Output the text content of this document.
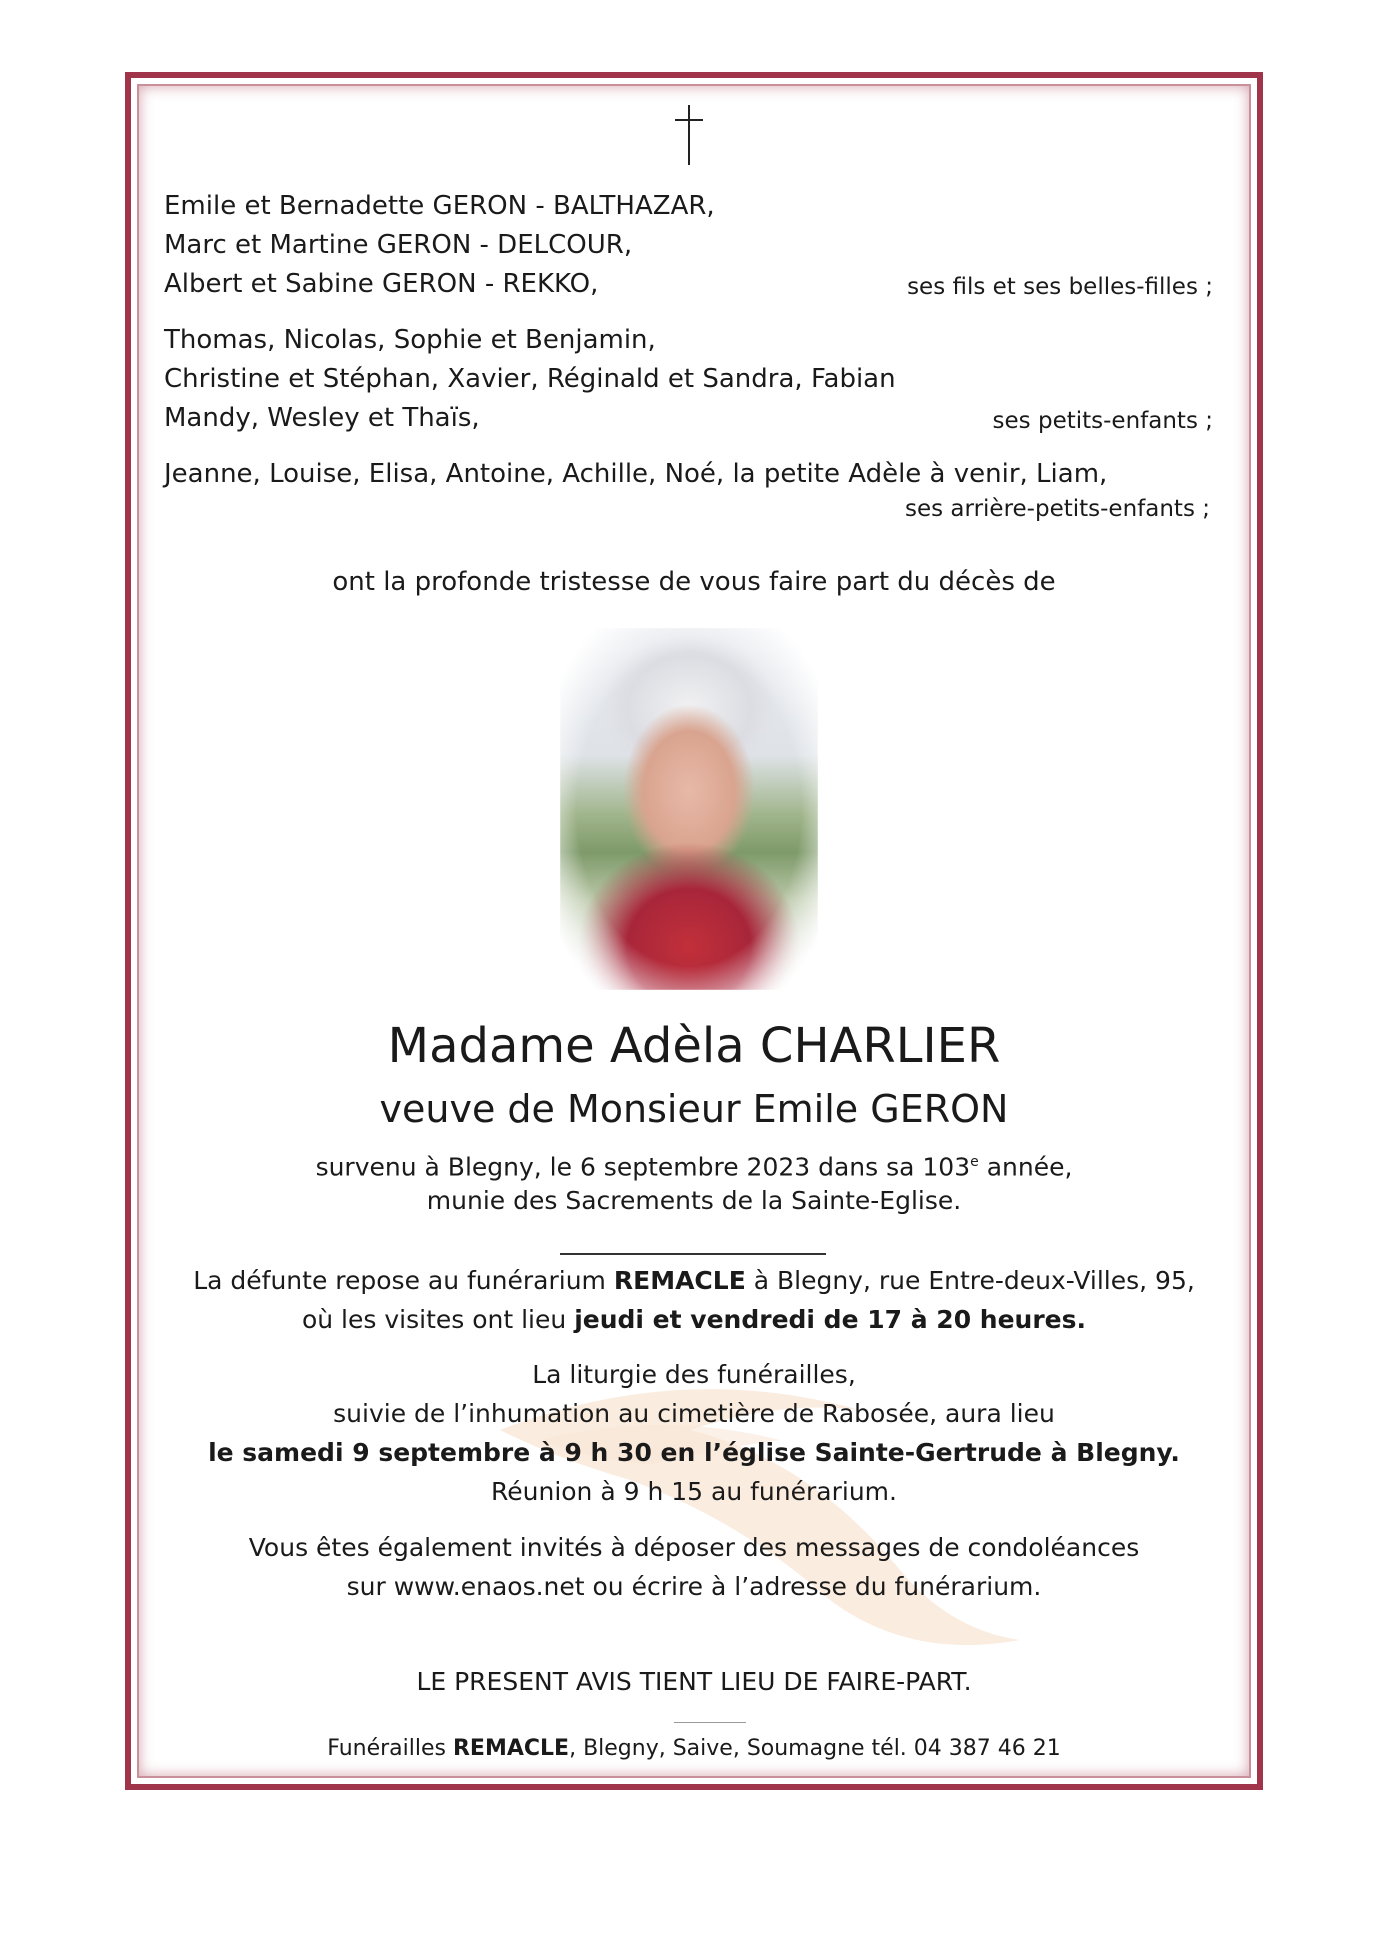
Emile et Bernadette GERON - BALTHAZAR,
Marc et Martine GERON - DELCOUR,
Albert et Sabine GERON - REKKO,	ses fils et ses belles-filles ;
Thomas, Nicolas, Sophie et Benjamin,
Christine et Stéphan, Xavier, Réginald et Sandra, Fabian
Mandy, Wesley et Thaïs,	ses petits-enfants ;
Jeanne, Louise, Elisa, Antoine, Achille, Noé, la petite Adèle à venir, Liam,
ses arrière-petits-enfants ;
ont la profonde tristesse de vous faire part du décès de
Madame Adèla CHARLIER
veuve de Monsieur Emile GERON
survenu à Blegny, le 6 septembre 2023 dans sa 103e année,
munie des Sacrements de la Sainte-Eglise.
La défunte repose au funérarium REMACLE à Blegny, rue Entre-deux-Villes, 95,
où les visites ont lieu jeudi et vendredi de 17 à 20 heures.
La liturgie des funérailles,
suivie de l’inhumation au cimetière de Rabosée, aura lieu
le samedi 9 septembre à 9 h 30 en l’église Sainte-Gertrude à Blegny.
Réunion à 9 h 15 au funérarium.
Vous êtes également invités à déposer des messages de condoléances
sur www.enaos.net ou écrire à l’adresse du funérarium.
LE PRESENT AVIS TIENT LIEU DE FAIRE-PART.
Funérailles REMACLE, Blegny, Saive, Soumagne tél. 04 387 46 21
